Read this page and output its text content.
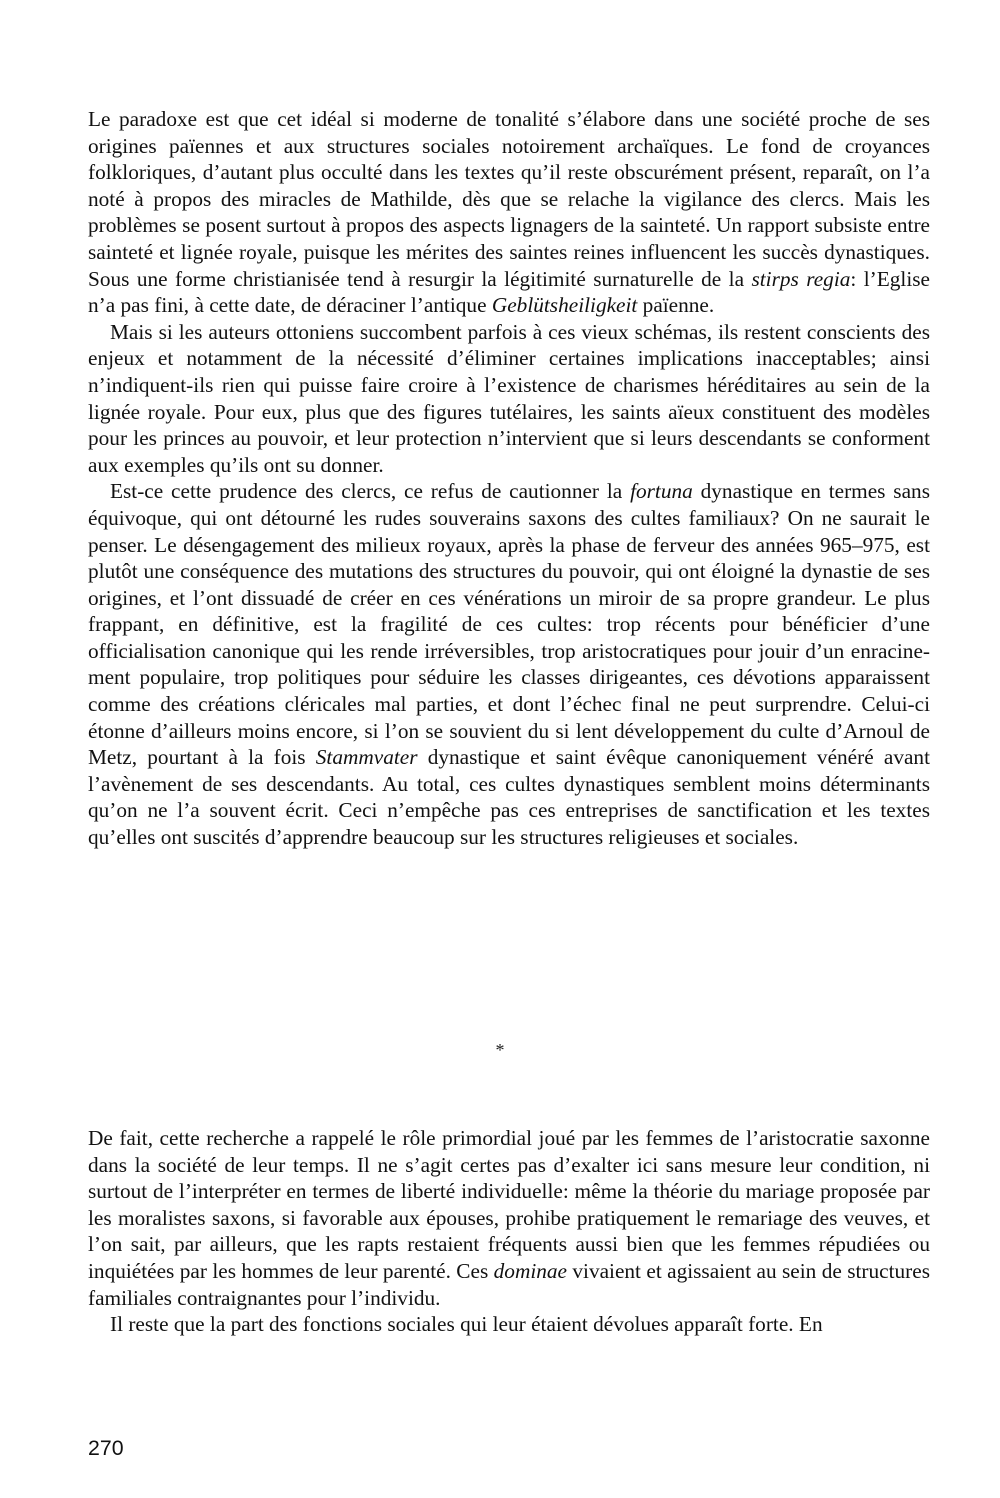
Le paradoxe est que cet idéal si moderne de tonalité s’élabore dans une société proche de ses origines païennes et aux structures sociales notoirement archaïques. Le fond de croyances folkloriques, d’autant plus occulté dans les textes qu’il reste obscurément présent, reparaît, on l’a noté à propos des miracles de Mathilde, dès que se relache la vigilance des clercs. Mais les problèmes se posent surtout à propos des aspects lignagers de la sainteté. Un rapport subsiste entre sainteté et lignée royale, puisque les mérites des saintes reines influencent les succès dynastiques. Sous une forme christianisée tend à resurgir la légitimité surnaturelle de la stirps regia: l’Eglise n’a pas fini, à cette date, de déraciner l’antique Geblütsheiligkeit païenne.

Mais si les auteurs ottoniens succombent parfois à ces vieux schémas, ils restent conscients des enjeux et notamment de la nécessité d’éliminer certaines implications inacceptables; ainsi n’indiquent-ils rien qui puisse faire croire à l’existence de charismes héréditaires au sein de la lignée royale. Pour eux, plus que des figures tutélaires, les saints aïeux constituent des modèles pour les princes au pouvoir, et leur protection n’intervient que si leurs descendants se conforment aux exemples qu’ils ont su donner.

Est-ce cette prudence des clercs, ce refus de cautionner la fortuna dynastique en termes sans équivoque, qui ont détourné les rudes souverains saxons des cultes familiaux? On ne saurait le penser. Le désengagement des milieux royaux, après la phase de ferveur des années 965–975, est plutôt une conséquence des mutations des structures du pouvoir, qui ont éloigné la dynastie de ses origines, et l’ont dissuadé de créer en ces vénérations un miroir de sa propre grandeur. Le plus frappant, en définitive, est la fragilité de ces cultes: trop récents pour bénéficier d’une officialisation canonique qui les rende irréversibles, trop aristocratiques pour jouir d’un enracinement populaire, trop politiques pour séduire les classes dirigeantes, ces dévotions apparaissent comme des créations cléricales mal parties, et dont l’échec final ne peut surprendre. Celui-ci étonne d’ailleurs moins encore, si l’on se souvient du si lent développement du culte d’Arnoul de Metz, pourtant à la fois Stammvater dynastique et saint évêque canoniquement vénéré avant l’avènement de ses descendants. Au total, ces cultes dynastiques semblent moins déterminants qu’on ne l’a souvent écrit. Ceci n’empêche pas ces entreprises de sanctification et les textes qu’elles ont suscités d’apprendre beaucoup sur les structures religieuses et sociales.

*

De fait, cette recherche a rappelé le rôle primordial joué par les femmes de l’aristocratie saxonne dans la société de leur temps. Il ne s’agit certes pas d’exalter ici sans mesure leur condition, ni surtout de l’interpréter en termes de liberté individuelle: même la théorie du mariage proposée par les moralistes saxons, si favorable aux épouses, prohibe pratiquement le remariage des veuves, et l’on sait, par ailleurs, que les rapts restaient fréquents aussi bien que les femmes répudiées ou inquiétées par les hommes de leur parenté. Ces dominae vivaient et agissaient au sein de structures familiales contraignantes pour l’individu.

Il reste que la part des fonctions sociales qui leur étaient dévolues apparaît forte. En

270
